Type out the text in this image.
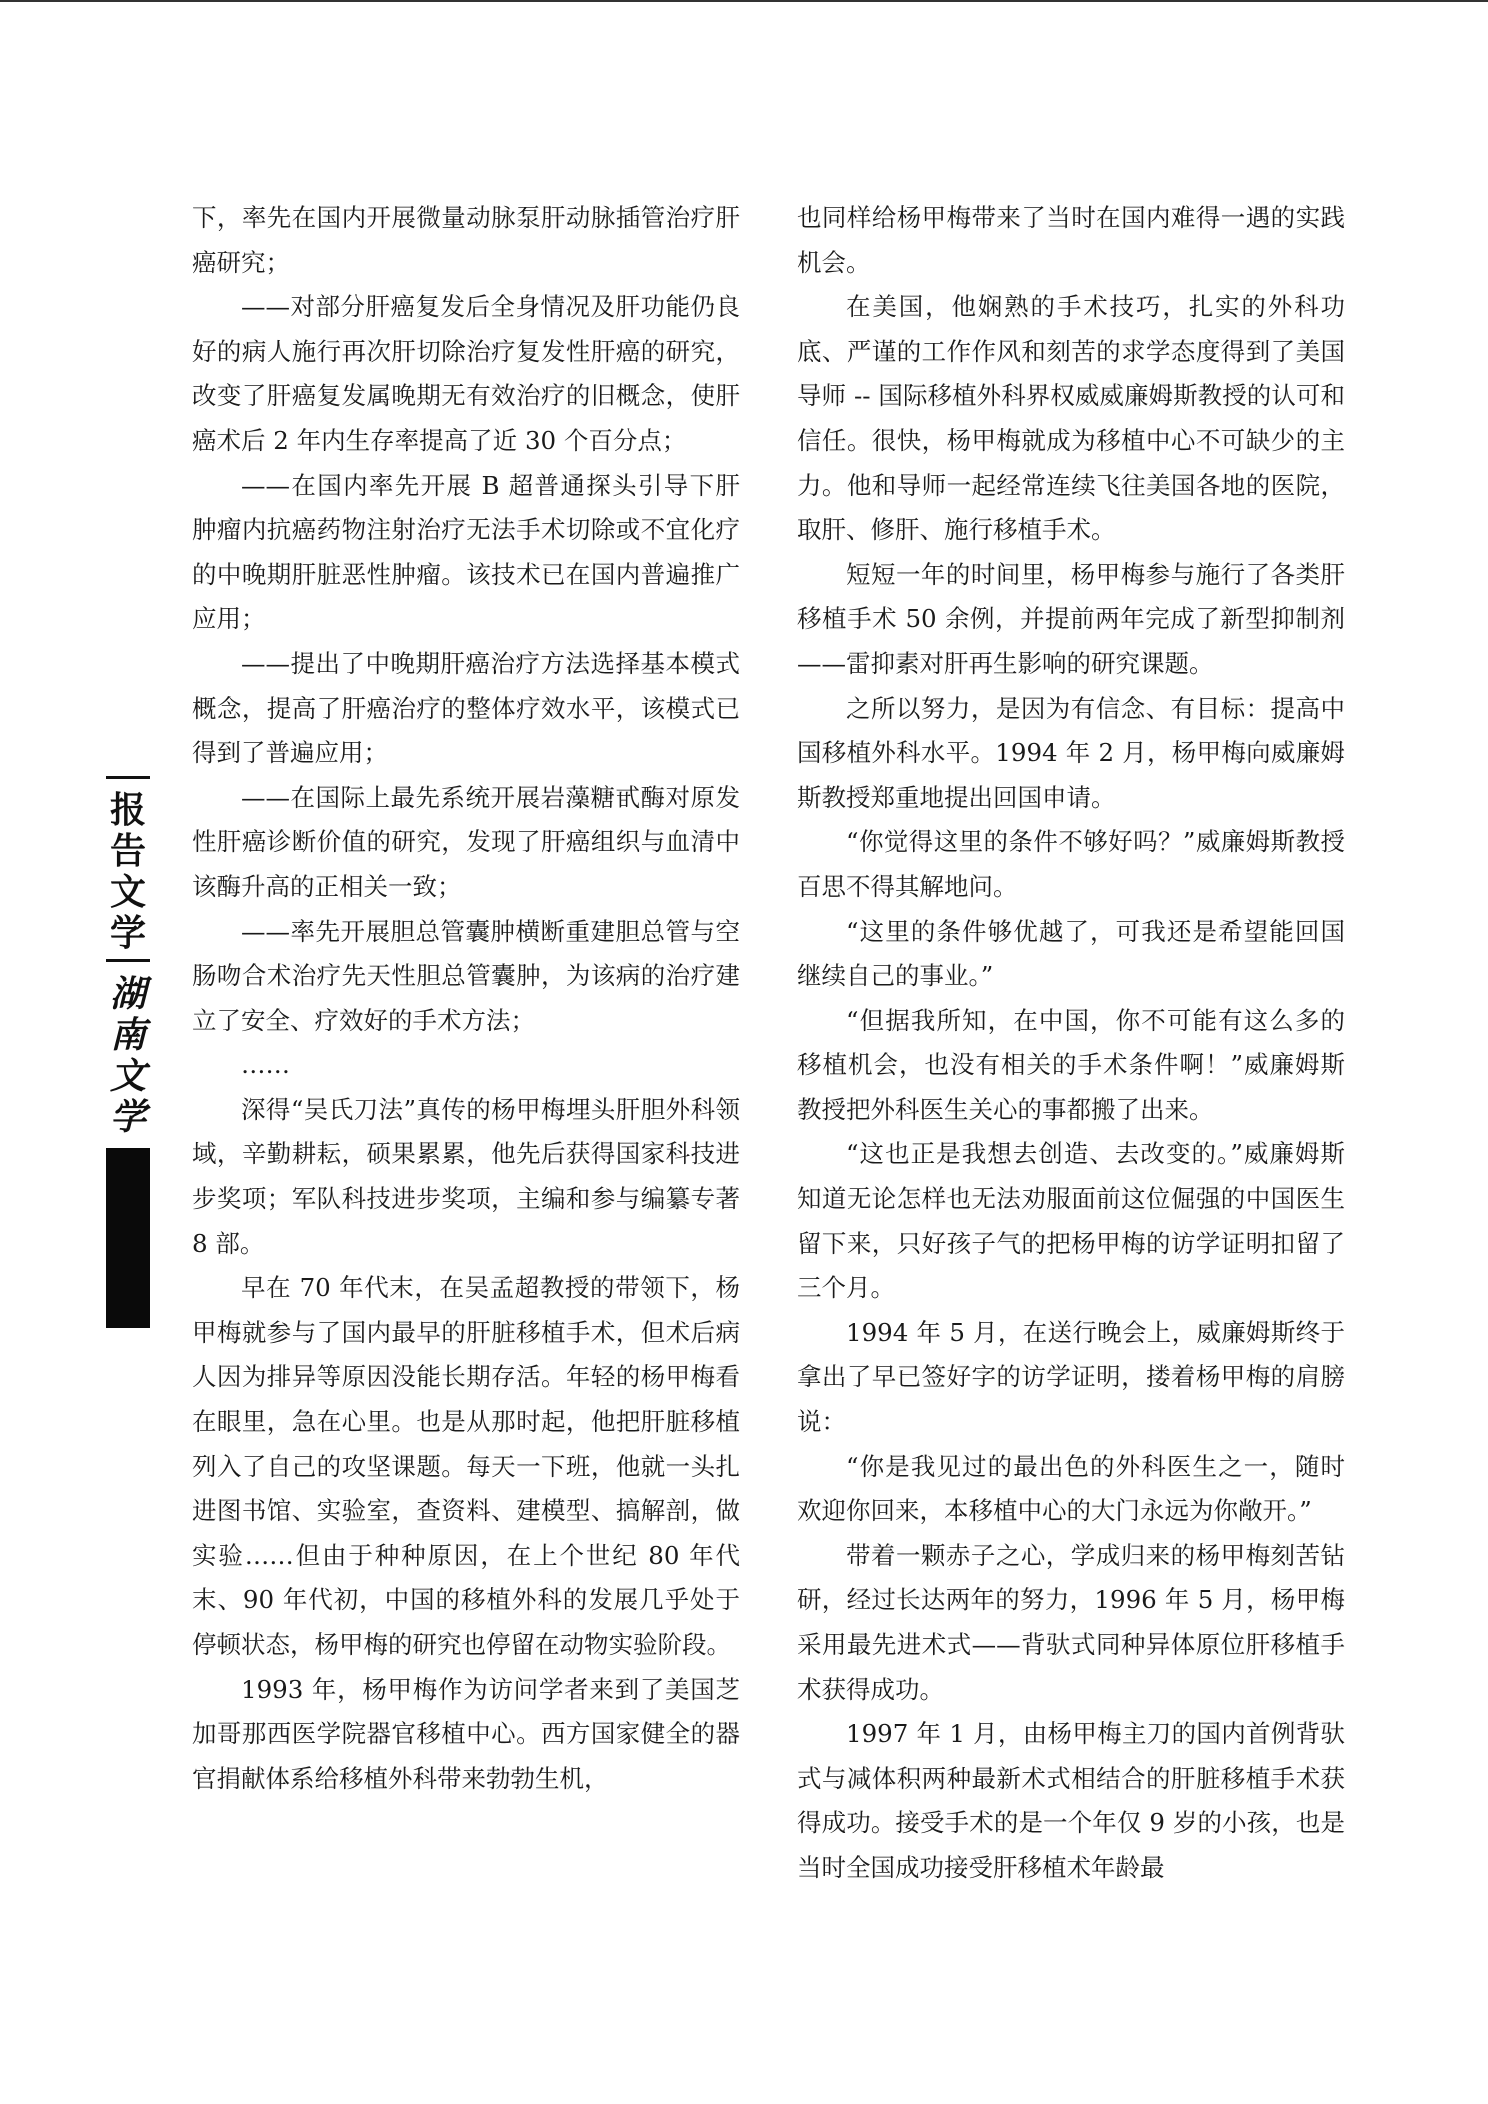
报告文学
湖南文学
14

下，率先在国内开展微量动脉泵肝动脉插管治疗肝癌研究；

——对部分肝癌复发后全身情况及肝功能仍良好的病人施行再次肝切除治疗复发性肝癌的研究，改变了肝癌复发属晚期无有效治疗的旧概念，使肝癌术后 2 年内生存率提高了近 30 个百分点；

——在国内率先开展 B 超普通探头引导下肝肿瘤内抗癌药物注射治疗无法手术切除或不宜化疗的中晚期肝脏恶性肿瘤。该技术已在国内普遍推广应用；

——提出了中晚期肝癌治疗方法选择基本模式概念，提高了肝癌治疗的整体疗效水平，该模式已得到了普遍应用；

——在国际上最先系统开展岩藻糖甙酶对原发性肝癌诊断价值的研究，发现了肝癌组织与血清中该酶升高的正相关一致；

——率先开展胆总管囊肿横断重建胆总管与空肠吻合术治疗先天性胆总管囊肿，为该病的治疗建立了安全、疗效好的手术方法；

……

深得“吴氏刀法”真传的杨甲梅埋头肝胆外科领域，辛勤耕耘，硕果累累，他先后获得国家科技进步奖项；军队科技进步奖项，主编和参与编纂专著 8 部。

早在 70 年代末，在吴孟超教授的带领下，杨甲梅就参与了国内最早的肝脏移植手术，但术后病人因为排异等原因没能长期存活。年轻的杨甲梅看在眼里，急在心里。也是从那时起，他把肝脏移植列入了自己的攻坚课题。每天一下班，他就一头扎进图书馆、实验室，查资料、建模型、搞解剖，做实验……但由于种种原因，在上个世纪 80 年代末、90 年代初，中国的移植外科的发展几乎处于停顿状态，杨甲梅的研究也停留在动物实验阶段。

1993 年，杨甲梅作为访问学者来到了美国芝加哥那西医学院器官移植中心。西方国家健全的器官捐献体系给移植外科带来勃勃生机，

也同样给杨甲梅带来了当时在国内难得一遇的实践机会。

在美国，他娴熟的手术技巧，扎实的外科功底、严谨的工作作风和刻苦的求学态度得到了美国导师 -- 国际移植外科界权威威廉姆斯教授的认可和信任。很快，杨甲梅就成为移植中心不可缺少的主力。他和导师一起经常连续飞往美国各地的医院，取肝、修肝、施行移植手术。

短短一年的时间里，杨甲梅参与施行了各类肝移植手术 50 余例，并提前两年完成了新型抑制剂——雷抑素对肝再生影响的研究课题。

之所以努力，是因为有信念、有目标：提高中国移植外科水平。1994 年 2 月，杨甲梅向威廉姆斯教授郑重地提出回国申请。

“你觉得这里的条件不够好吗？”威廉姆斯教授百思不得其解地问。

“这里的条件够优越了，可我还是希望能回国继续自己的事业。”

“但据我所知，在中国，你不可能有这么多的移植机会，也没有相关的手术条件啊！”威廉姆斯教授把外科医生关心的事都搬了出来。

“这也正是我想去创造、去改变的。”威廉姆斯知道无论怎样也无法劝服面前这位倔强的中国医生留下来，只好孩子气的把杨甲梅的访学证明扣留了三个月。

1994 年 5 月，在送行晚会上，威廉姆斯终于拿出了早已签好字的访学证明，搂着杨甲梅的肩膀说：

“你是我见过的最出色的外科医生之一，随时欢迎你回来，本移植中心的大门永远为你敞开。”

带着一颗赤子之心，学成归来的杨甲梅刻苦钻研，经过长达两年的努力，1996 年 5 月，杨甲梅采用最先进术式——背驮式同种异体原位肝移植手术获得成功。

1997 年 1 月，由杨甲梅主刀的国内首例背驮式与减体积两种最新术式相结合的肝脏移植手术获得成功。接受手术的是一个年仅 9 岁的小孩，也是当时全国成功接受肝移植术年龄最
